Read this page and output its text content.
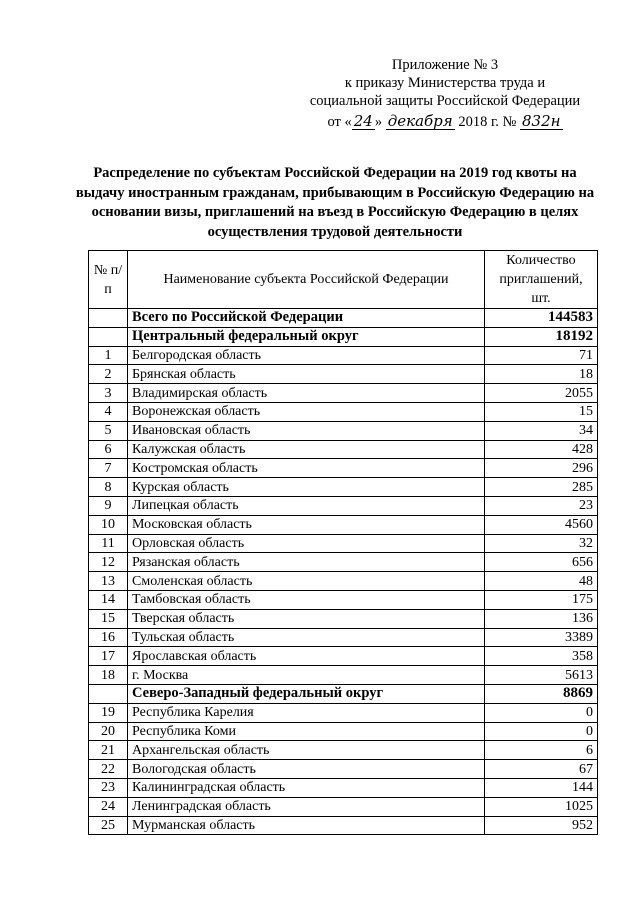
Приложение № 3
к приказу Министерства труда и
социальной защиты Российской Федерации
от « 24 » декабря 2018 г. № 832н
Распределение по субъектам Российской Федерации на 2019 год квоты на выдачу иностранным гражданам, прибывающим в Российскую Федерацию на основании визы, приглашений на въезд в Российскую Федерацию в целях осуществления трудовой деятельности
№ п/п	Наименование субъекта Российской Федерации	Количество приглашений, шт.
	Всего по Российской Федерации	144583
	Центральный федеральный округ	18192
1	Белгородская область	71
2	Брянская область	18
3	Владимирская область	2055
4	Воронежская область	15
5	Ивановская область	34
6	Калужская область	428
7	Костромская область	296
8	Курская область	285
9	Липецкая область	23
10	Московская область	4560
11	Орловская область	32
12	Рязанская область	656
13	Смоленская область	48
14	Тамбовская область	175
15	Тверская область	136
16	Тульская область	3389
17	Ярославская область	358
18	г. Москва	5613
	Северо-Западный федеральный округ	8869
19	Республика Карелия	0
20	Республика Коми	0
21	Архангельская область	6
22	Вологодская область	67
23	Калининградская область	144
24	Ленинградская область	1025
25	Мурманская область	952
